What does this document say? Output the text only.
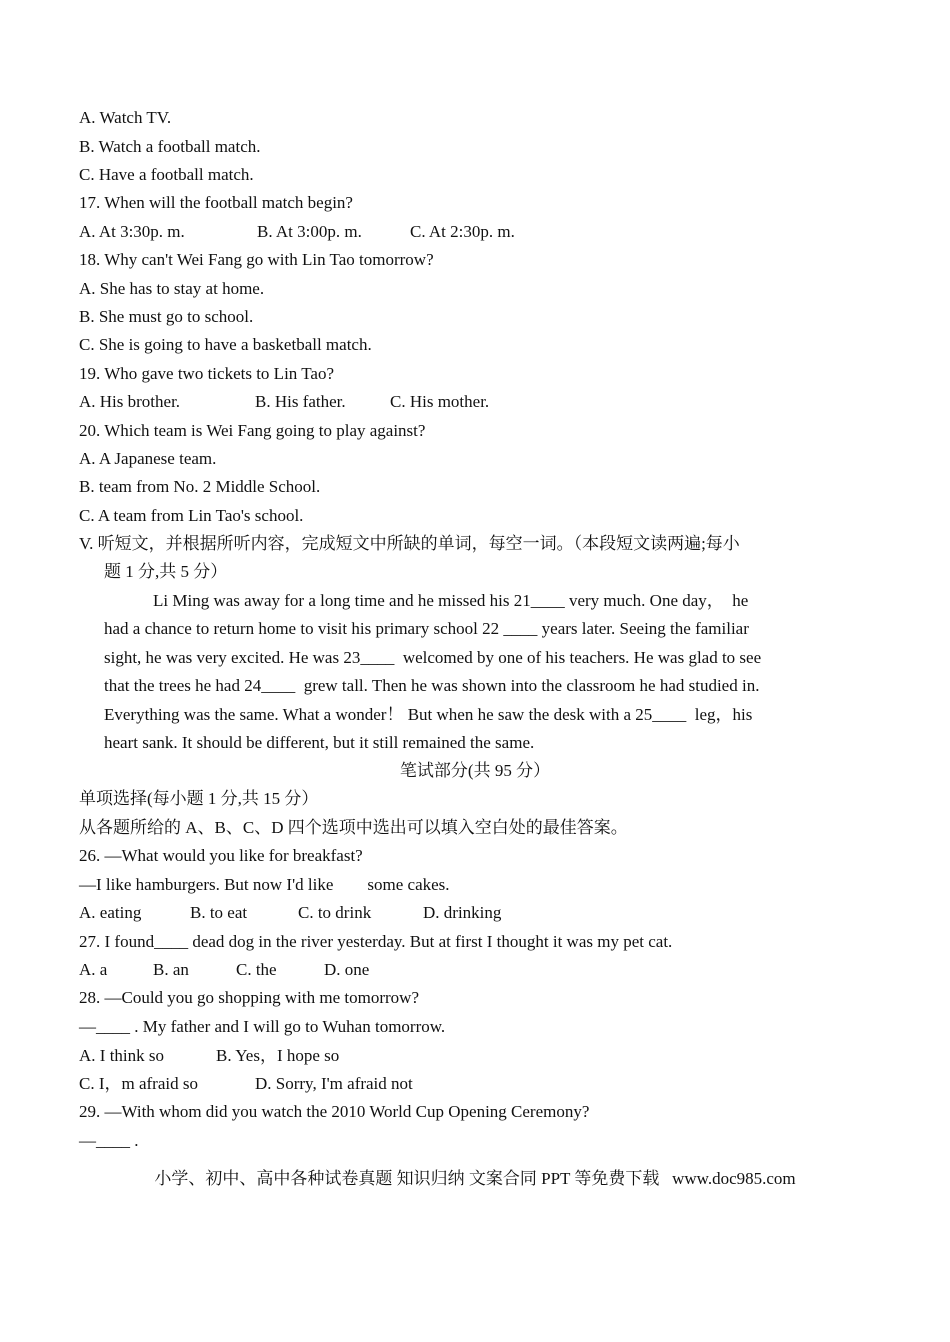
A. Watch TV.
B. Watch a football match.
C. Have a football match.
17. When will the football match begin?

A. At 3:30p. m.

	B. At 3:00p. m.

	C. At 2:30p. m.

18. Why can't Wei Fang go with Lin Tao tomorrow?
A. She has to stay at home.
B. She must go to school.
C. She is going to have a basketball match.
19. Who gave two tickets to Lin Tao?

A. His brother.

	B. His father.

	C. His mother.

20. Which team is Wei Fang going to play against?
A. A Japanese team.
B. team from No. 2 Middle School.
C. A team from Lin Tao's school.
V. 听短文，并根据所听内容，完成短文中所缺的单词，每空一词。（本段短文读两遍;每小
题 1 分,共 5 分）
Li Ming was away for a long time and he missed his 21____ very much. One day，  he
had a chance to return home to visit his primary school 22 ____ years later. Seeing the familiar
sight, he was very excited. He was 23____  welcomed by one of his teachers. He was glad to see
that the trees he had 24____  grew tall. Then he was shown into the classroom he had studied in.
Everything was the same. What a wonder！ But when he saw the desk with a 25____  leg，his
heart sank. It should be different, but it still remained the same.
笔试部分(共 95 分）
单项选择(每小题 1 分,共 15 分）
从各题所给的 A、B、C、D 四个选项中选出可以填入空白处的最佳答案。
26. —What would you like for breakfast?
—I like hamburgers. But now I'd like        some cakes.

A. eating

	B. to eat

	C. to drink

	D. drinking

27. I found____ dead dog in the river yesterday. But at first I thought it was my pet cat.

A. a

	B. an

	C. the

	D. one

28. —Could you go shopping with me tomorrow?
—____ . My father and I will go to Wuhan tomorrow.

A. I think so

	B. Yes，I hope so

C. I，m afraid so

	D. Sorry, I'm afraid not

29. —With whom did you watch the 2010 World Cup Opening Ceremony?
—____ .
小学、初中、高中各种试卷真题 知识归纳 文案合同 PPT 等免费下载   www.doc985.com
